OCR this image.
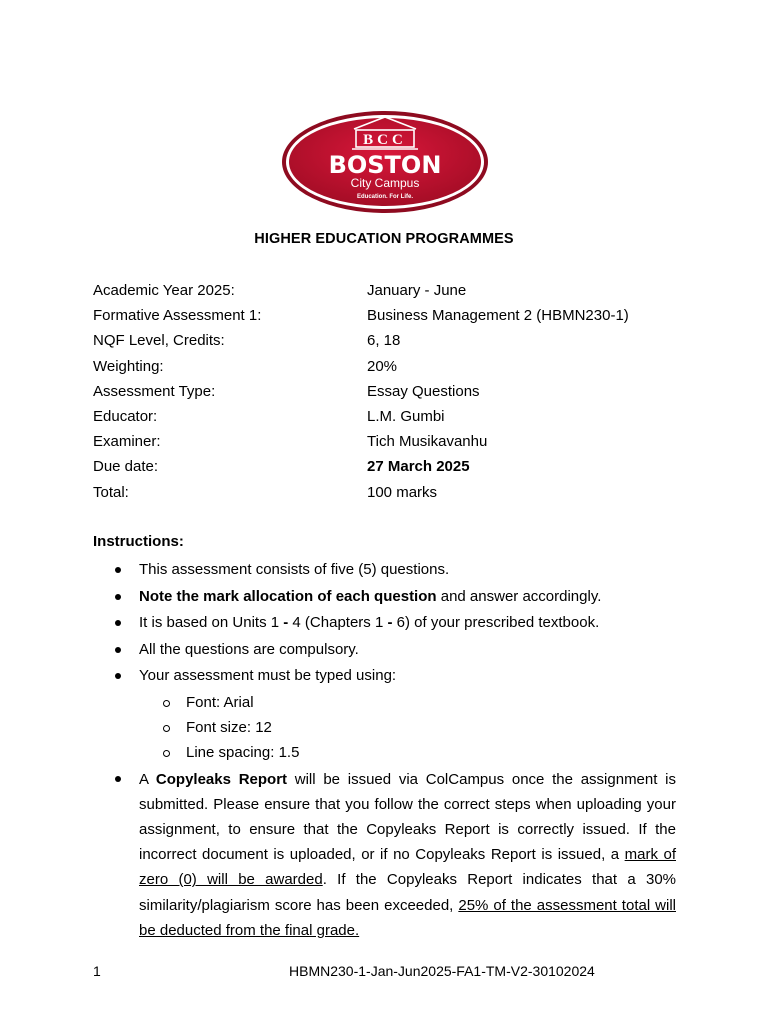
BCC
BOSTON
City Campus
Education. For Life.
HIGHER EDUCATION PROGRAMMES
Academic Year 2025:	January - June
Formative Assessment 1:	Business Management 2 (HBMN230-1)
NQF Level, Credits:	6, 18
Weighting:	20%
Assessment Type:	Essay Questions
Educator:	L.M. Gumbi
Examiner:	Tich Musikavanhu
Due date:	27 March 2025
Total:	100 marks
Instructions:
This assessment consists of five (5) questions.
Note the mark allocation of each question and answer accordingly.
It is based on Units 1 - 4 (Chapters 1 - 6) of your prescribed textbook.
All the questions are compulsory.
Your assessment must be typed using:
Font: Arial
Font size: 12
Line spacing: 1.5
A Copyleaks Report will be issued via ColCampus once the assignment is submitted. Please ensure that you follow the correct steps when uploading your assignment, to ensure that the Copyleaks Report is correctly issued. If the incorrect document is uploaded, or if no Copyleaks Report is issued, a mark of zero (0) will be awarded. If the Copyleaks Report indicates that a 30% similarity/plagiarism score has been exceeded, 25% of the assessment total will be deducted from the final grade.
1	HBMN230-1-Jan-Jun2025-FA1-TM-V2-30102024
